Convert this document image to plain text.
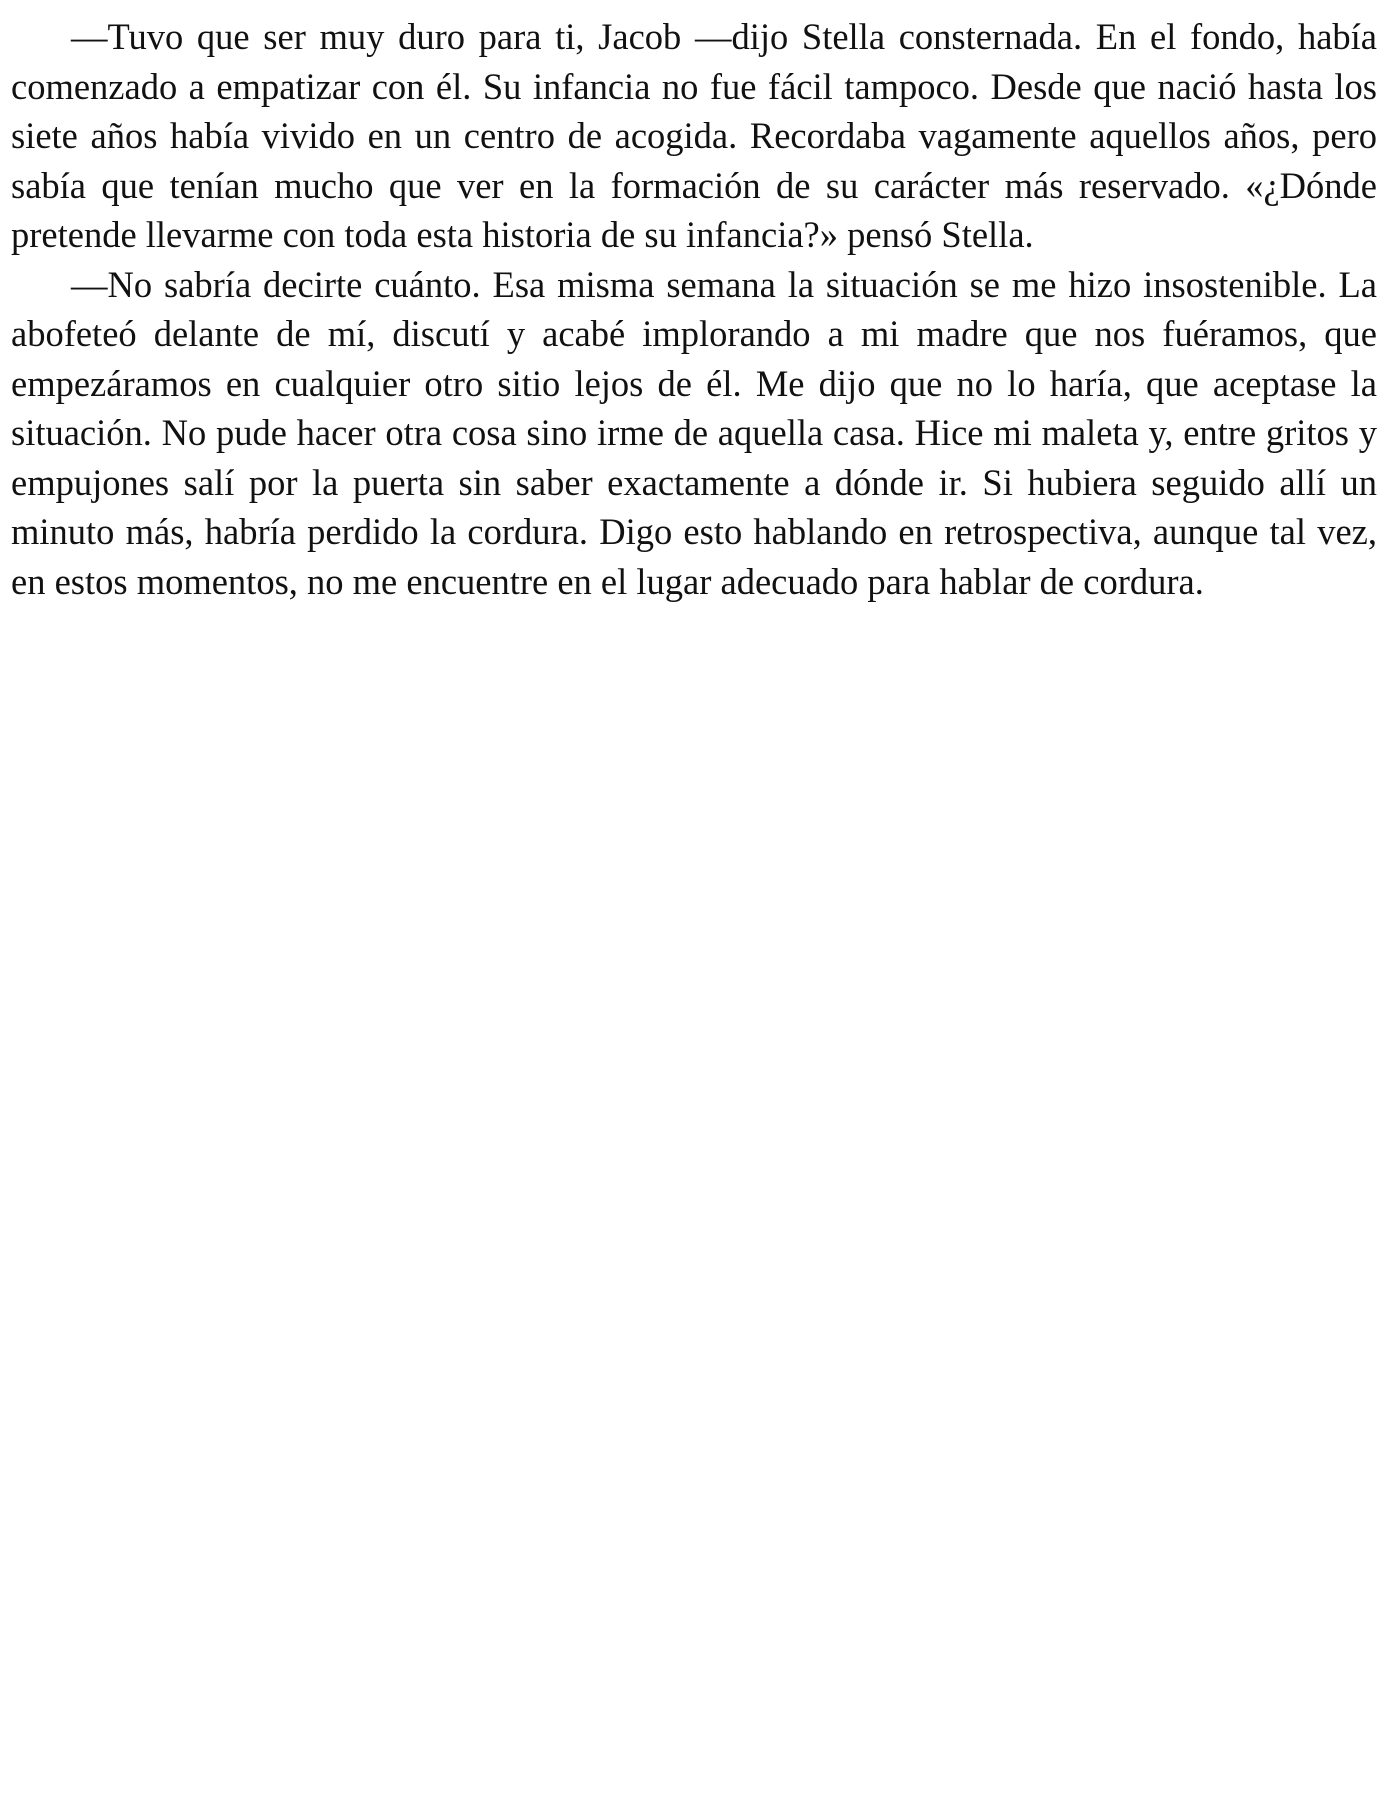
—Tuvo que ser muy duro para ti, Jacob —dijo Stella consternada. En el fondo, había comenzado a empatizar con él. Su infancia no fue fácil tampoco. Desde que nació hasta los siete años había vivido en un centro de acogida. Recordaba vagamente aquellos años, pero sabía que tenían mucho que ver en la formación de su carácter más reservado. «¿Dónde pretende llevarme con toda esta historia de su infancia?» pensó Stella.

—No sabría decirte cuánto. Esa misma semana la situación se me hizo insostenible. La abofeteó delante de mí, discutí y acabé implorando a mi madre que nos fuéramos, que empezáramos en cualquier otro sitio lejos de él. Me dijo que no lo haría, que aceptase la situación. No pude hacer otra cosa sino irme de aquella casa. Hice mi maleta y, entre gritos y empujones salí por la puerta sin saber exactamente a dónde ir. Si hubiera seguido allí un minuto más, habría perdido la cordura. Digo esto hablando en retrospectiva, aunque tal vez, en estos momentos, no me encuentre en el lugar adecuado para hablar de cordura.
